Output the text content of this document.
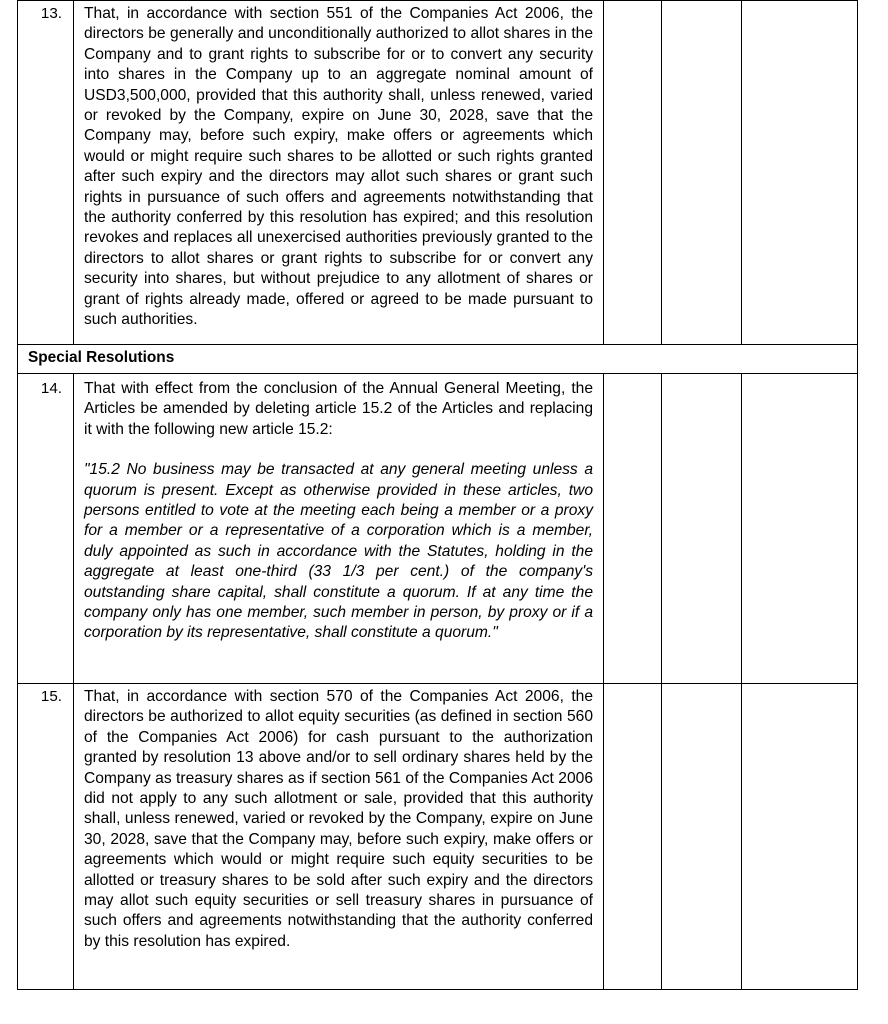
13.	That, in accordance with section 551 of the Companies Act 2006, the directors be generally and unconditionally authorized to allot shares in the Company and to grant rights to subscribe for or to convert any security into shares in the Company up to an aggregate nominal amount of USD3,500,000, provided that this authority shall, unless renewed, varied or revoked by the Company, expire on June 30, 2028, save that the Company may, before such expiry, make offers or agreements which would or might require such shares to be allotted or such rights granted after such expiry and the directors may allot such shares or grant such rights in pursuance of such offers and agreements notwithstanding that the authority conferred by this resolution has expired; and this resolution revokes and replaces all unexercised authorities previously granted to the directors to allot shares or grant rights to subscribe for or convert any security into shares, but without prejudice to any allotment of shares or grant of rights already made, offered or agreed to be made pursuant to such authorities.			

Special Resolutions				
14.	That with effect from the conclusion of the Annual General Meeting, the Articles be amended by deleting article 15.2 of the Articles and replacing it with the following new article 15.2:

"15.2 No business may be transacted at any general meeting unless a quorum is present. Except as otherwise provided in these articles, two persons entitled to vote at the meeting each being a member or a proxy for a member or a representative of a corporation which is a member, duly appointed as such in accordance with the Statutes, holding in the aggregate at least one-third (33 1/3 per cent.) of the company's outstanding share capital, shall constitute a quorum. If at any time the company only has one member, such member in person, by proxy or if a corporation by its representative, shall constitute a quorum."			

15.	That, in accordance with section 570 of the Companies Act 2006, the directors be authorized to allot equity securities (as defined in section 560 of the Companies Act 2006) for cash pursuant to the authorization granted by resolution 13 above and/or to sell ordinary shares held by the Company as treasury shares as if section 561 of the Companies Act 2006 did not apply to any such allotment or sale, provided that this authority shall, unless renewed, varied or revoked by the Company, expire on June 30, 2028, save that the Company may, before such expiry, make offers or agreements which would or might require such equity securities to be allotted or treasury shares to be sold after such expiry and the directors may allot such equity securities or sell treasury shares in pursuance of such offers and agreements notwithstanding that the authority conferred by this resolution has expired.			
